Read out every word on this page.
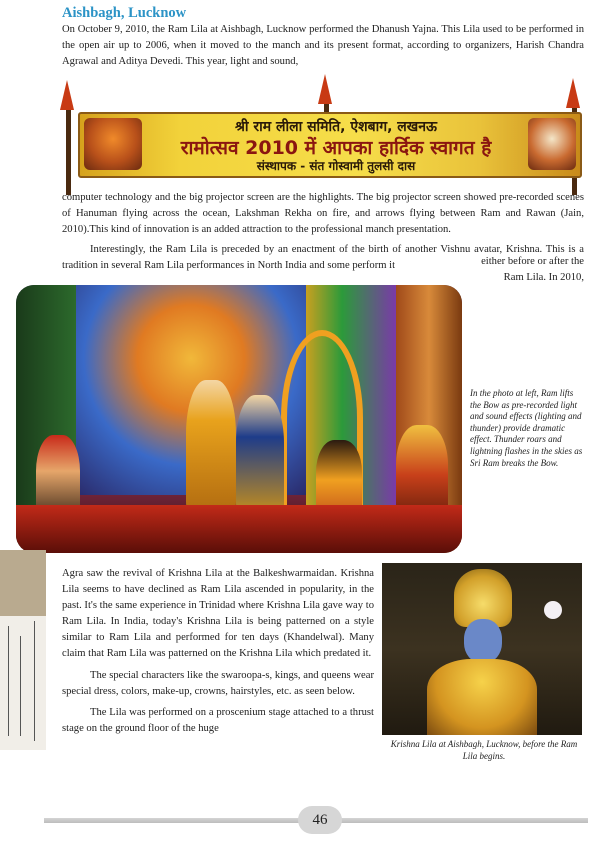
Aishbagh, Lucknow

On October 9, 2010, the Ram Lila at Aishbagh, Lucknow performed the Dhanush Yajna. This Lila used to be performed in the open air up to 2006, when it moved to the manch and its present format, according to organizers, Harish Chandra Agrawal and Aditya Devedi. This year, light and sound,

श्री राम लीला समिति, ऐशबाग, लखनऊ
रामोत्सव 2010 में आपका हार्दिक स्वागत है
संस्थापक - संत गोस्वामी तुलसी दास

computer technology and the big projector screen are the highlights. The big projector screen showed pre-recorded scenes of Hanuman flying across the ocean, Lakshman Rekha on fire, and arrows flying between Ram and Rawan (Jain, 2010).This kind of innovation is an added attraction to the professional manch presentation.

Interestingly, the Ram Lila is preceded by an enactment of the birth of another Vishnu avatar, Krishna. This is a tradition in several Ram Lila performances in North India and some perform it	either before or after the

Ram Lila. In 2010,

In the photo at left, Ram lifts the Bow as pre-recorded light and sound effects (lighting and thunder) provide dramatic effect. Thunder roars and lightning flashes in the skies as Sri Ram breaks the Bow.

Agra saw the revival of Krishna Lila at the Balkeshwarmaidan. Krishna Lila seems to have declined as Ram Lila ascended in popularity, in the past. It's the same experience in Trinidad where Krishna Lila gave way to Ram Lila. In India, today's Krishna Lila is being patterned on a style similar to Ram Lila and performed for ten days (Khandelwal). Many claim that Ram Lila was patterned on the Krishna Lila which predated it.

The special characters like the swaroopa-s, kings, and queens wear special dress, colors, make-up, crowns, hairstyles, etc. as seen below.

The Lila was performed on a proscenium stage attached to a thrust stage on the ground floor of the huge

Krishna Lila at Aishbagh, Lucknow, before the Ram Lila begins.
46
